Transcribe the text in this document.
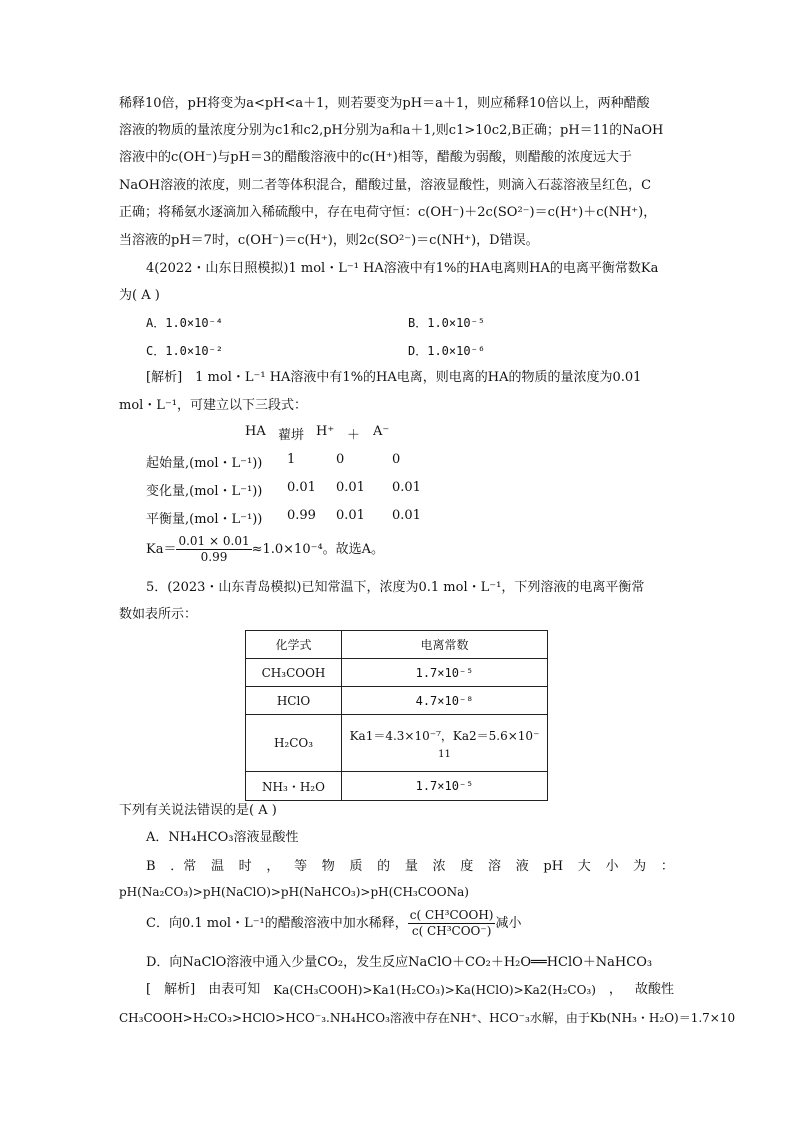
稀释10倍，pH将变为a<pH<a＋1，则若要变为pH＝a＋1，则应稀释10倍以上，两种醋酸
溶液的物质的量浓度分别为c1和c2,pH分别为a和a＋1,则c1>10c2,B正确；pH＝11的NaOH
溶液中的c(OH⁻)与pH＝3的醋酸溶液中的c(H⁺)相等，醋酸为弱酸，则醋酸的浓度远大于
NaOH溶液的浓度，则二者等体积混合，醋酸过量，溶液显酸性，则滴入石蕊溶液呈红色，C
正确；将稀氨水逐滴加入稀硫酸中，存在电荷守恒：c(OH⁻)＋2c(SO²⁻)＝c(H⁺)＋c(NH⁺)，
当溶液的pH＝7时，c(OH⁻)＝c(H⁺)，则2c(SO²⁻)＝c(NH⁺)，D错误。
4(2022・山东日照模拟)1 mol・L⁻¹ HA溶液中有1%的HA电离则HA的电离平衡常数Ka
为( A )
A．1.0×10⁻⁴	B．1.0×10⁻⁵
C．1.0×10⁻²	D．1.0×10⁻⁶
[解析]　1 mol・L⁻¹ HA溶液中有1%的HA电离，则电离的HA的物质的量浓度为0.01
mol・L⁻¹，可建立以下三段式：
HA 藋垪 H⁺ ＋ A⁻
起始量,(mol・L⁻¹)) 1	0	0
变化量,(mol・L⁻¹)) 0.01 0.01 0.01
平衡量,(mol・L⁻¹)) 0.99 0.01 0.01
$Ka= \frac{0.01 \times 0.01}{0.99} \approx 1.0\times 10^{-4}$。故选A。
5．(2023・山东青岛模拟)已知常温下，浓度为0.1 mol・L⁻¹，下列溶液的电离平衡常
数如表所示：
化学式	电离常数
CH₃COOH	1.7×10⁻⁵
HClO	4.7×10⁻⁸
H₂CO₃	Ka1＝4.3×10⁻⁷，Ka2＝5.6×10⁻
11

NH₃・H₂O	1.7×10⁻⁵
下列有关说法错误的是( A )
A．NH₄HCO₃溶液显酸性
B ．常 温 时 ， 等 物 质 的 量 浓 度 溶 液 pH 大 小 为 ：
pH(Na₂CO₃)>pH(NaClO)>pH(NaHCO₃)>pH(CH₃COONa)
C．向0.1 mol・L⁻¹的醋酸溶液中加水稀释， $\frac{\text{c( CH³COOH)}}{\text{c( CH³COO⁻)}}$ 减小
D．向NaClO溶液中通入少量CO₂，发生反应NaClO＋CO₂＋H₂O══HClO＋NaHCO₃
[ 解析] 由表可知 Ka(CH₃COOH)>Ka1(H₂CO₃)>Ka(HClO)>Ka2(H₂CO₃) ， 故酸性
CH₃COOH>H₂CO₃>HClO>HCO⁻₃.NH₄HCO₃溶液中存在NH⁺、HCO⁻₃水解，由于Kb(NH₃・H₂O)＝1.7×10
